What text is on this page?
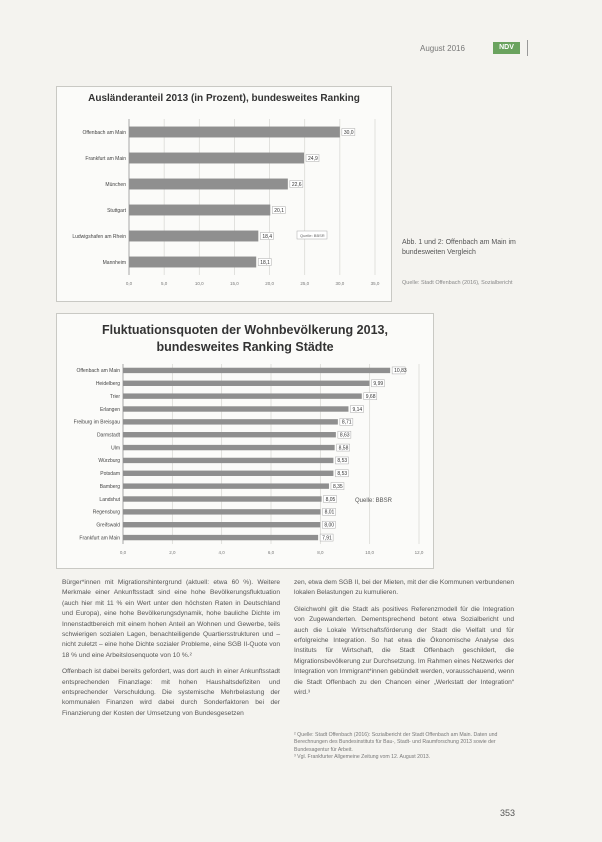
August 2016	NDV
Ausländeranteil 2013 (in Prozent), bundesweites Ranking
0,0	5,0	10,0	15,0	20,0	25,0	30,0	35,0
Offenbach am Main	30,0
Frankfurt am Main	24,9
München	22,6
Stuttgart	20,1
Ludwigshafen am Rhein	18,4
Mannheim	18,1
Quelle: BBSR
Abb. 1 und 2: Offenbach am Main im bundesweiten Vergleich
Quelle: Stadt Offenbach (2016), Sozialbericht
Fluktuationsquoten der Wohnbevölkerung 2013,
bundesweites Ranking Städte
0,0	2,0	4,0	6,0	8,0	10,0	12,0
Offenbach am Main	10,83
Heidelberg	9,99
Trier	9,68
Erlangen	9,14
Freiburg im Breisgau	8,71
Darmstadt	8,63
Ulm	8,58
Würzburg	8,53
Potsdam	8,53
Bamberg	8,35
Landshut	8,05
Regensburg	8,01
Greifswald	8,00
Frankfurt am Main	7,91
Quelle: BBSR

Bürger*innen mit Migrationshintergrund (aktuell: etwa 60 %). Weitere Merkmale einer Ankunftsstadt sind eine hohe Bevölkerungsfluktuation (auch hier mit 11 % ein Wert unter den höchsten Raten in Deutschland und Europa), eine hohe Bevölkerungsdynamik, hohe bauliche Dichte im Innenstadtbereich mit einem hohen Anteil an Wohnen und Gewerbe, teils schwierigen sozialen Lagen, benachteiligende Quartiersstrukturen und – nicht zuletzt – eine hohe Dichte sozialer Probleme, eine SGB II-Quote von 18 % und eine Arbeitslosenquote von 10 %.²

Offenbach ist dabei bereits gefordert, was dort auch in einer Ankunftsstadt entsprechenden Finanzlage: mit hohen Haushaltsdefiziten und entsprechender Verschuldung. Die systemische Mehrbelastung der kommunalen Finanzen wird dabei durch Sonderfaktoren bei der Finanzierung der Kosten der Umsetzung von Bundesgesetzen

zen, etwa dem SGB II, bei der Mieten, mit der die Kommunen verbundenen lokalen Belastungen zu kumulieren.

Gleichwohl gilt die Stadt als positives Referenzmodell für die Integration von Zugewanderten. Dementsprechend betont etwa Sozialbericht und auch die Lokale Wirtschaftsförderung der Stadt die Vielfalt und für erfolgreiche Integration. So hat etwa die Ökonomische Analyse des Instituts für Wirtschaft, die Stadt Offenbach geschildert, die Migrationsbevölkerung zur Durchsetzung. Im Rahmen eines Netzwerks der Integration von Immigrant*innen gebündelt werden, vorausschauend, wenn die Stadt Offenbach zu den Chancen einer „Werkstatt der Integration“ wird.³

² Quelle: Stadt Offenbach (2016): Sozialbericht der Stadt Offenbach am Main. Daten und Berechnungen des Bundesinstituts für Bau-, Stadt- und Raumforschung 2013 sowie der Bundesagentur für Arbeit.

³ Vgl. Frankfurter Allgemeine Zeitung vom 12. August 2013.

353
